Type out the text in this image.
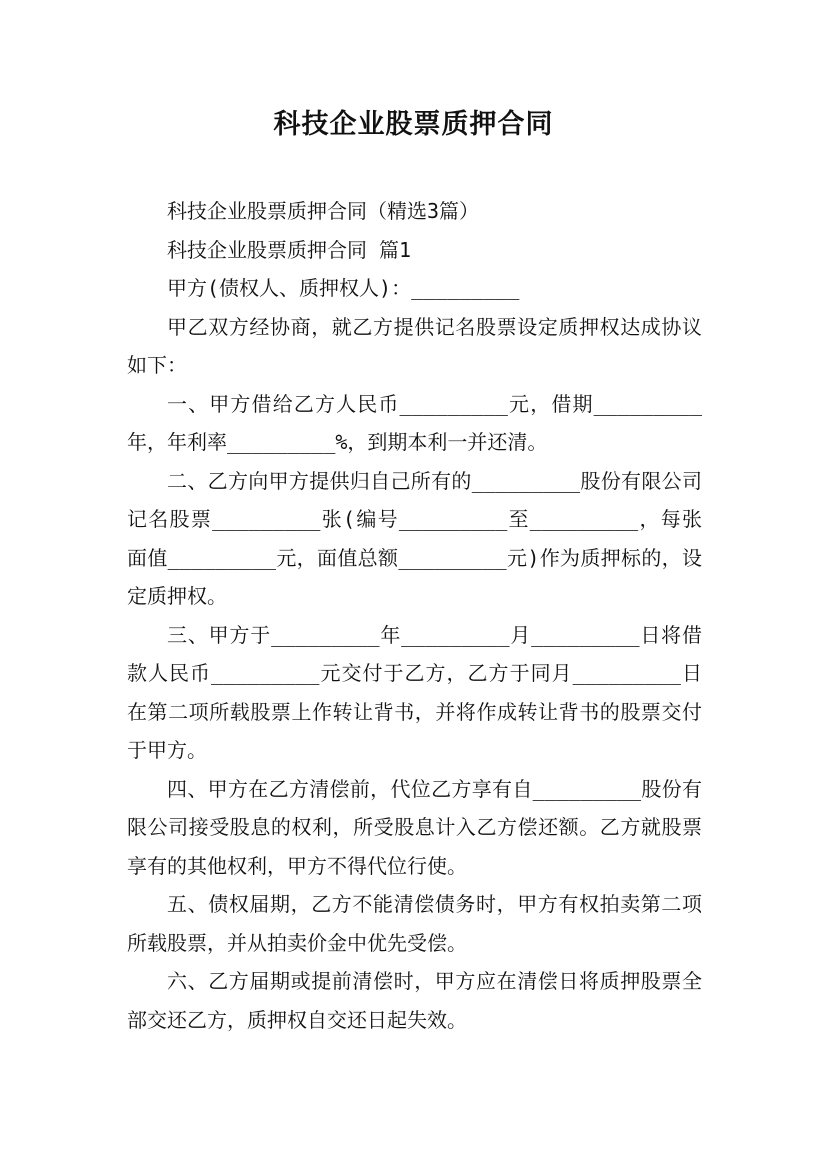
科技企业股票质押合同

科技企业股票质押合同（精选3篇）

科技企业股票质押合同 篇1

甲方(债权人、质押权人)：_________

甲乙双方经协商，就乙方提供记名股票设定质押权达成协议如下：

一、甲方借给乙方人民币_________元，借期_________年，年利率_________%，到期本利一并还清。

二、乙方向甲方提供归自己所有的_________股份有限公司记名股票_________张(编号_________至_________，每张面值_________元，面值总额_________元)作为质押标的，设定质押权。

三、甲方于_________年_________月_________日将借款人民币_________元交付于乙方，乙方于同月_________日在第二项所载股票上作转让背书，并将作成转让背书的股票交付于甲方。

四、甲方在乙方清偿前，代位乙方享有自_________股份有限公司接受股息的权利，所受股息计入乙方偿还额。乙方就股票享有的其他权利，甲方不得代位行使。

五、债权届期，乙方不能清偿债务时，甲方有权拍卖第二项所载股票，并从拍卖价金中优先受偿。

六、乙方届期或提前清偿时，甲方应在清偿日将质押股票全部交还乙方，质押权自交还日起失效。
